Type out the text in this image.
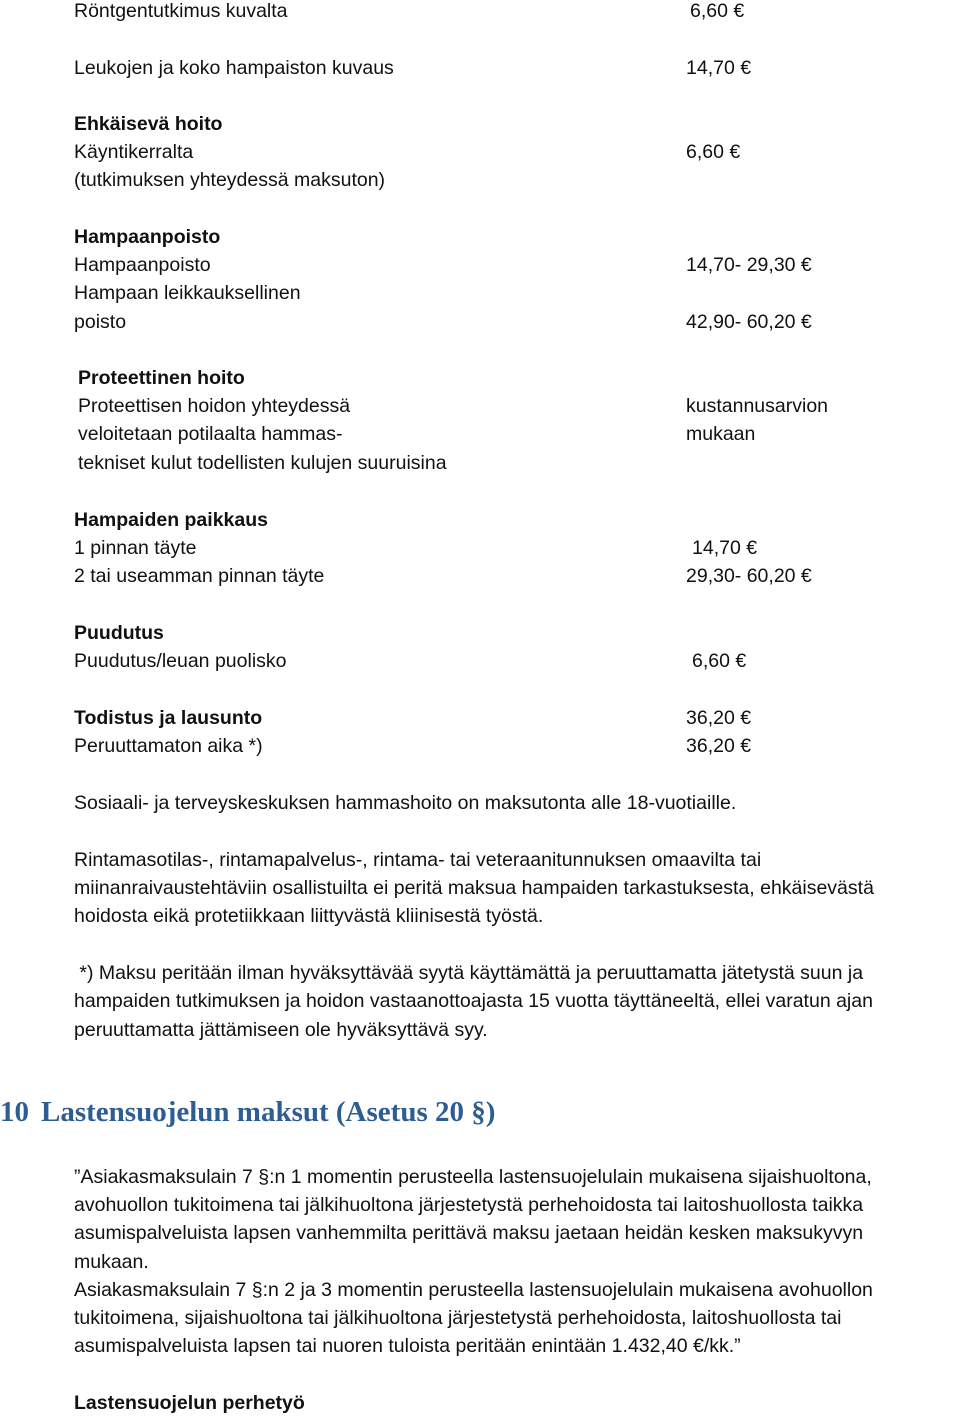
Röntgentutkimus kuvalta	6,60 €
Leukojen ja koko hampaiston kuvaus	14,70 €
Ehkäisevä hoito
Käyntikerralta	6,60 €
(tutkimuksen yhteydessä maksuton)
Hampaanpoisto
Hampaanpoisto	14,70- 29,30 €
Hampaan leikkauksellinen
poisto	42,90- 60,20 €
Proteettinen hoito
Proteettisen hoidon yhteydessä	kustannusarvion
veloitetaan potilaalta hammas-	mukaan
tekniset kulut todellisten kulujen suuruisina
Hampaiden paikkaus
1 pinnan täyte	14,70 €
2 tai useamman pinnan täyte	29,30- 60,20 €
Puudutus
Puudutus/leuan puolisko	6,60 €
Todistus ja lausunto	36,20 €
Peruuttamaton aika *)	36,20 €
Sosiaali- ja terveyskeskuksen hammashoito on maksutonta alle 18-vuotiaille.
Rintamasotilas-, rintamapalvelus-, rintama- tai veteraanitunnuksen omaavilta tai
miinanraivaustehtäviin osallistuilta ei peritä maksua hampaiden tarkastuksesta, ehkäisevästä
hoidosta eikä protetiikkaan liittyvästä kliinisestä työstä.
*) Maksu peritään ilman hyväksyttävää syytä käyttämättä ja peruuttamatta jätetystä suun ja
hampaiden tutkimuksen ja hoidon vastaanottoajasta 15 vuotta täyttäneeltä, ellei varatun ajan
peruuttamatta jättämiseen ole hyväksyttävä syy.
10 Lastensuojelun maksut (Asetus 20 §)
”Asiakasmaksulain 7 §:n 1 momentin perusteella lastensuojelulain mukaisena sijaishuoltona,
avohuollon tukitoimena tai jälkihuoltona järjestetystä perhehoidosta tai laitoshuollosta taikka
asumispalveluista lapsen vanhemmilta perittävä maksu jaetaan heidän kesken maksukyvyn
mukaan.
Asiakasmaksulain 7 §:n 2 ja 3 momentin perusteella lastensuojelulain mukaisena avohuollon
tukitoimena, sijaishuoltona tai jälkihuoltona järjestetystä perhehoidosta, laitoshuollosta tai
asumispalveluista lapsen tai nuoren tuloista peritään enintään 1.432,40 €/kk.”
Lastensuojelun perhetyö
